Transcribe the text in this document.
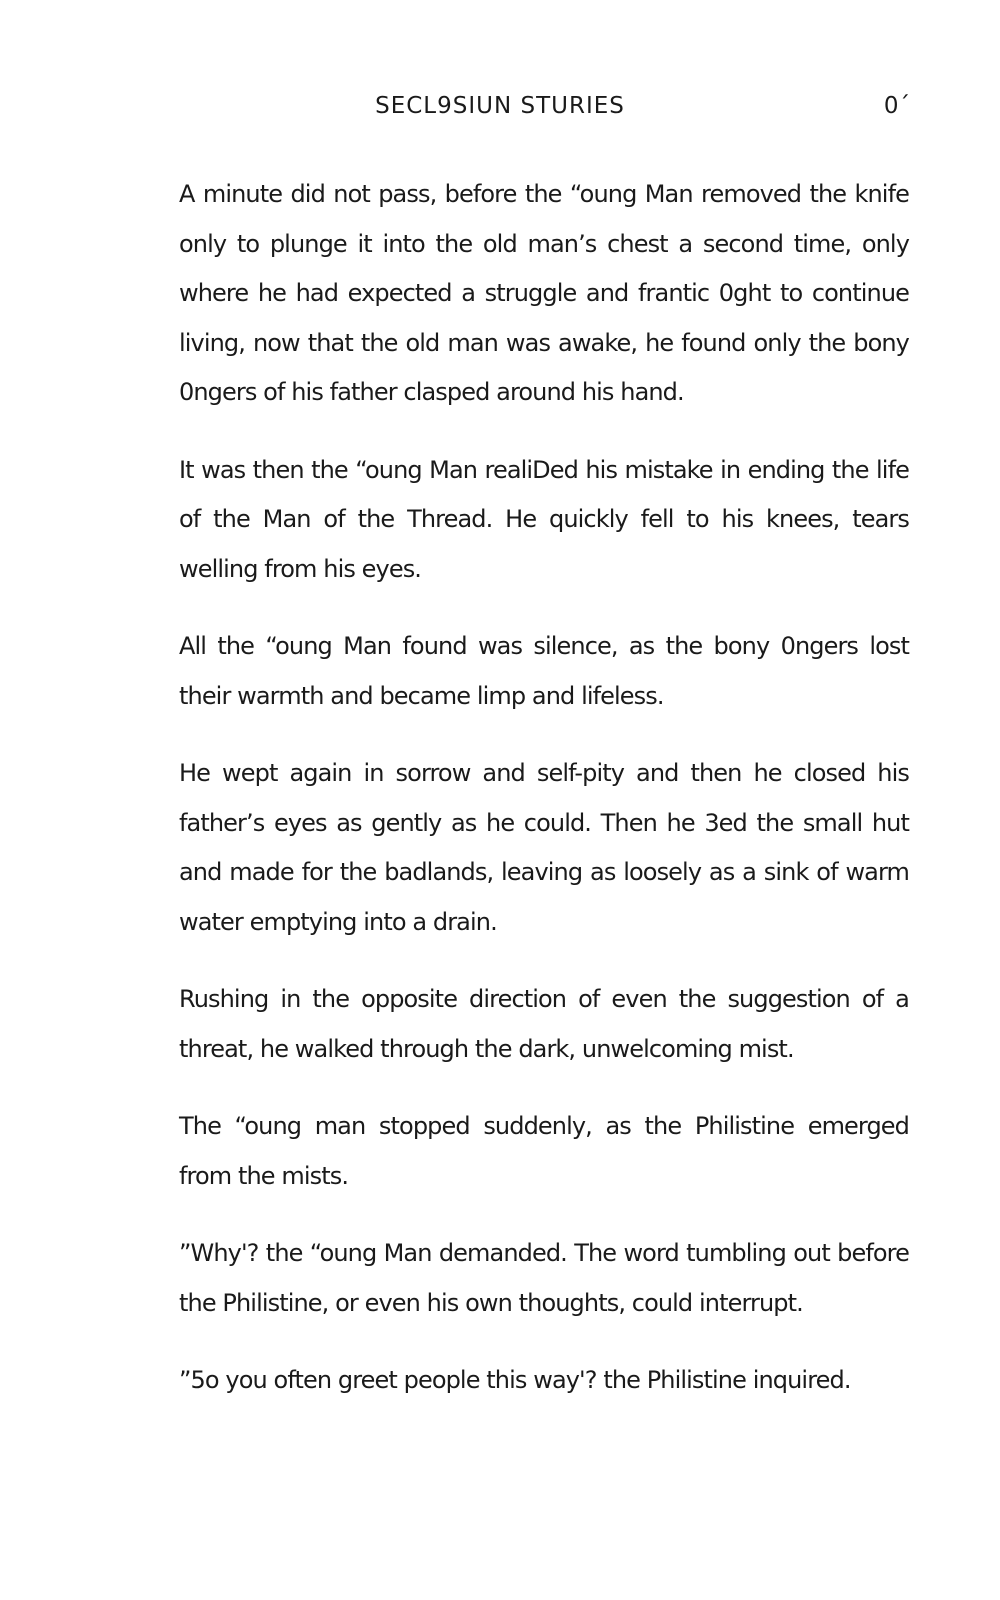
SECL9SIUN STURIES	0´

A minute did not pass, before the “oung Man removed the knife only to plunge it into the old man’s chest a second time, only where he had expected a struggle and frantic 0ght to continue living, now that the old man was awake, he found only the bony 0ngers of his father clasped around his hand.

It was then the “oung Man realiDed his mistake in ending the life of the Man of the Thread. He quickly fell to his knees, tears welling from his eyes.

All the “oung Man found was silence, as the bony 0ngers lost their warmth and became limp and lifeless.

He wept again in sorrow and self-pity and then he closed his father’s eyes as gently as he could. Then he 3ed the small hut and made for the badlands, leaving as loosely as a sink of warm water emptying into a drain.

Rushing in the opposite direction of even the suggestion of a threat, he walked through the dark, unwelcoming mist.

The “oung man stopped suddenly, as the Philistine emerged from the mists.

”Why'? the “oung Man demanded. The word tumbling out before the Philistine, or even his own thoughts, could interrupt.

”5o you often greet people this way'? the Philistine inquired.
